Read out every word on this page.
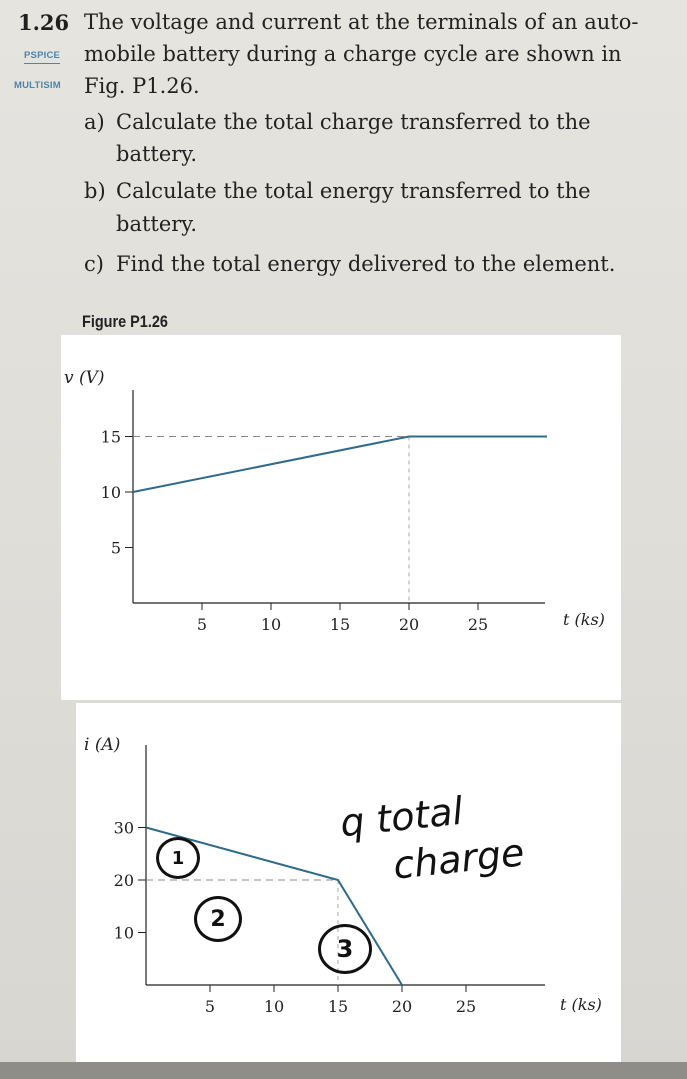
1.26
PSPICE
MULTISIM
The voltage and current at the terminals of an auto-
mobile battery during a charge cycle are shown in
Fig. P1.26.
a) Calculate the total charge transferred to the
battery.
b) Calculate the total energy transferred to the
battery.
c) Find the total energy delivered to the element.
Figure P1.26
v (V)
t (ks)
5	10	15	20	25
5
10
15
i (A)
t (ks)
5	10	15	20	25
10
20
30	q total
charge
1
2
3
